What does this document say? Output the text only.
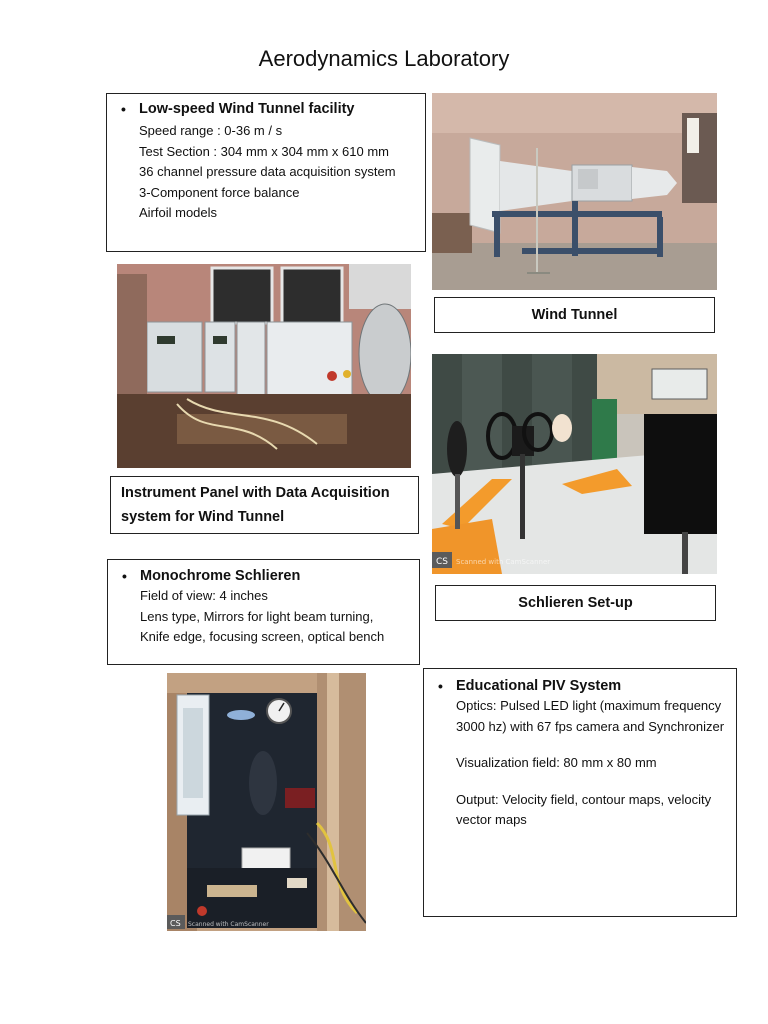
Aerodynamics Laboratory
• Low-speed Wind Tunnel facility
Speed range : 0-36 m / s
Test Section : 304 mm x 304 mm x 610 mm
36 channel pressure data acquisition system
3-Component force balance
Airfoil models
Wind Tunnel
CS Scanned with CamScanner
Instrument Panel with Data Acquisition system for Wind Tunnel
• Monochrome Schlieren
Field of view: 4 inches
Lens type, Mirrors for light beam turning,
Knife edge, focusing screen, optical bench
Schlieren Set-up
CS Scanned with CamScanner
• Educational PIV System
Optics: Pulsed LED light (maximum frequency
3000 hz) with 67 fps camera and Synchronizer
Visualization field: 80 mm x 80 mm
Output: Velocity field, contour maps, velocity
vector maps
